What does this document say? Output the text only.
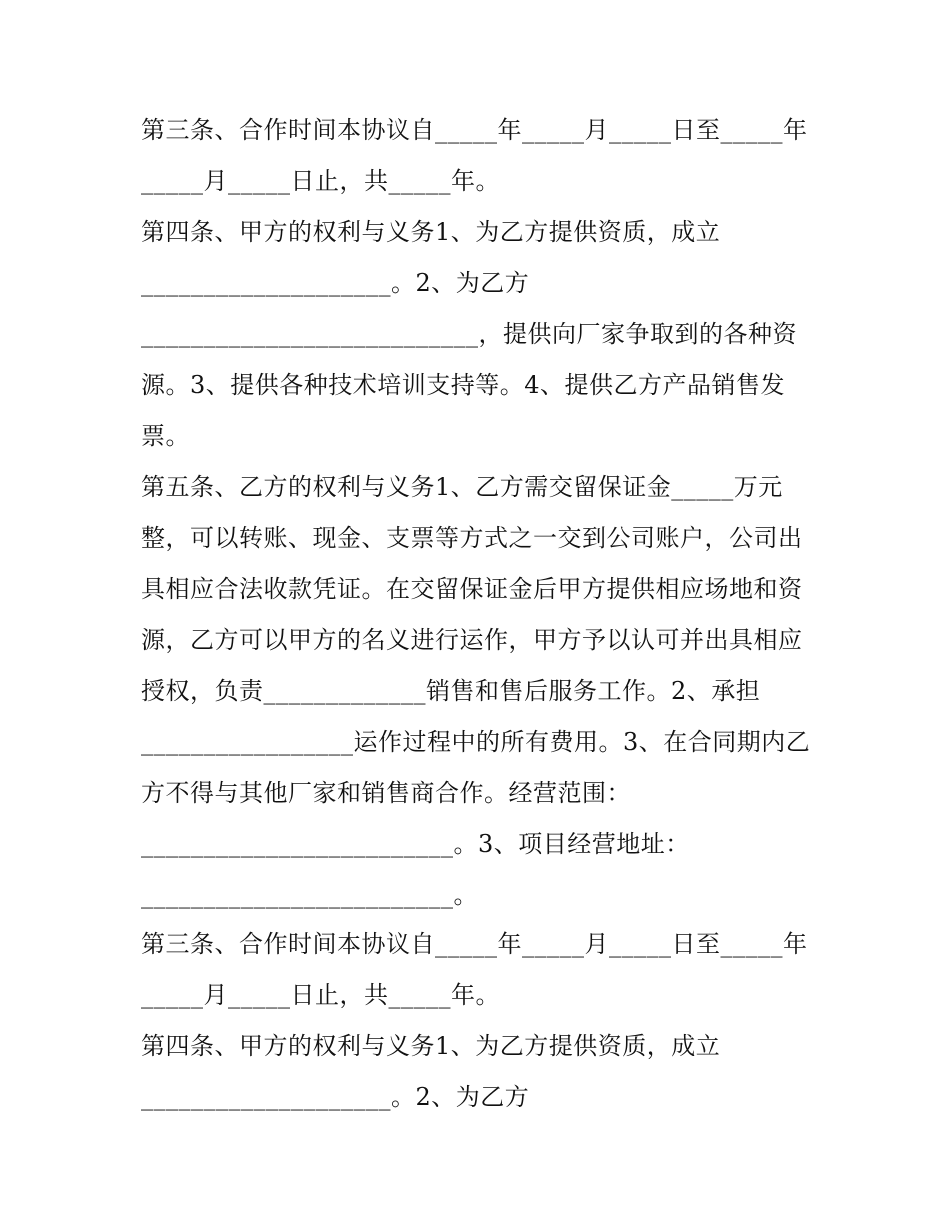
第三条、合作时间本协议自_____年_____月_____日至_____年
_____月_____日止，共_____年。
第四条、甲方的权利与义务1、为乙方提供资质，成立
____________________。2、为乙方
___________________________，提供向厂家争取到的各种资
源。3、提供各种技术培训支持等。4、提供乙方产品销售发
票。
第五条、乙方的权利与义务1、乙方需交留保证金_____万元
整，可以转账、现金、支票等方式之一交到公司账户，公司出
具相应合法收款凭证。在交留保证金后甲方提供相应场地和资
源，乙方可以甲方的名义进行运作，甲方予以认可并出具相应
授权，负责_____________销售和售后服务工作。2、承担
_________________运作过程中的所有费用。3、在合同期内乙
方不得与其他厂家和销售商合作。经营范围：
_________________________。3、项目经营地址：
_________________________。
第三条、合作时间本协议自_____年_____月_____日至_____年
_____月_____日止，共_____年。
第四条、甲方的权利与义务1、为乙方提供资质，成立
____________________。2、为乙方
